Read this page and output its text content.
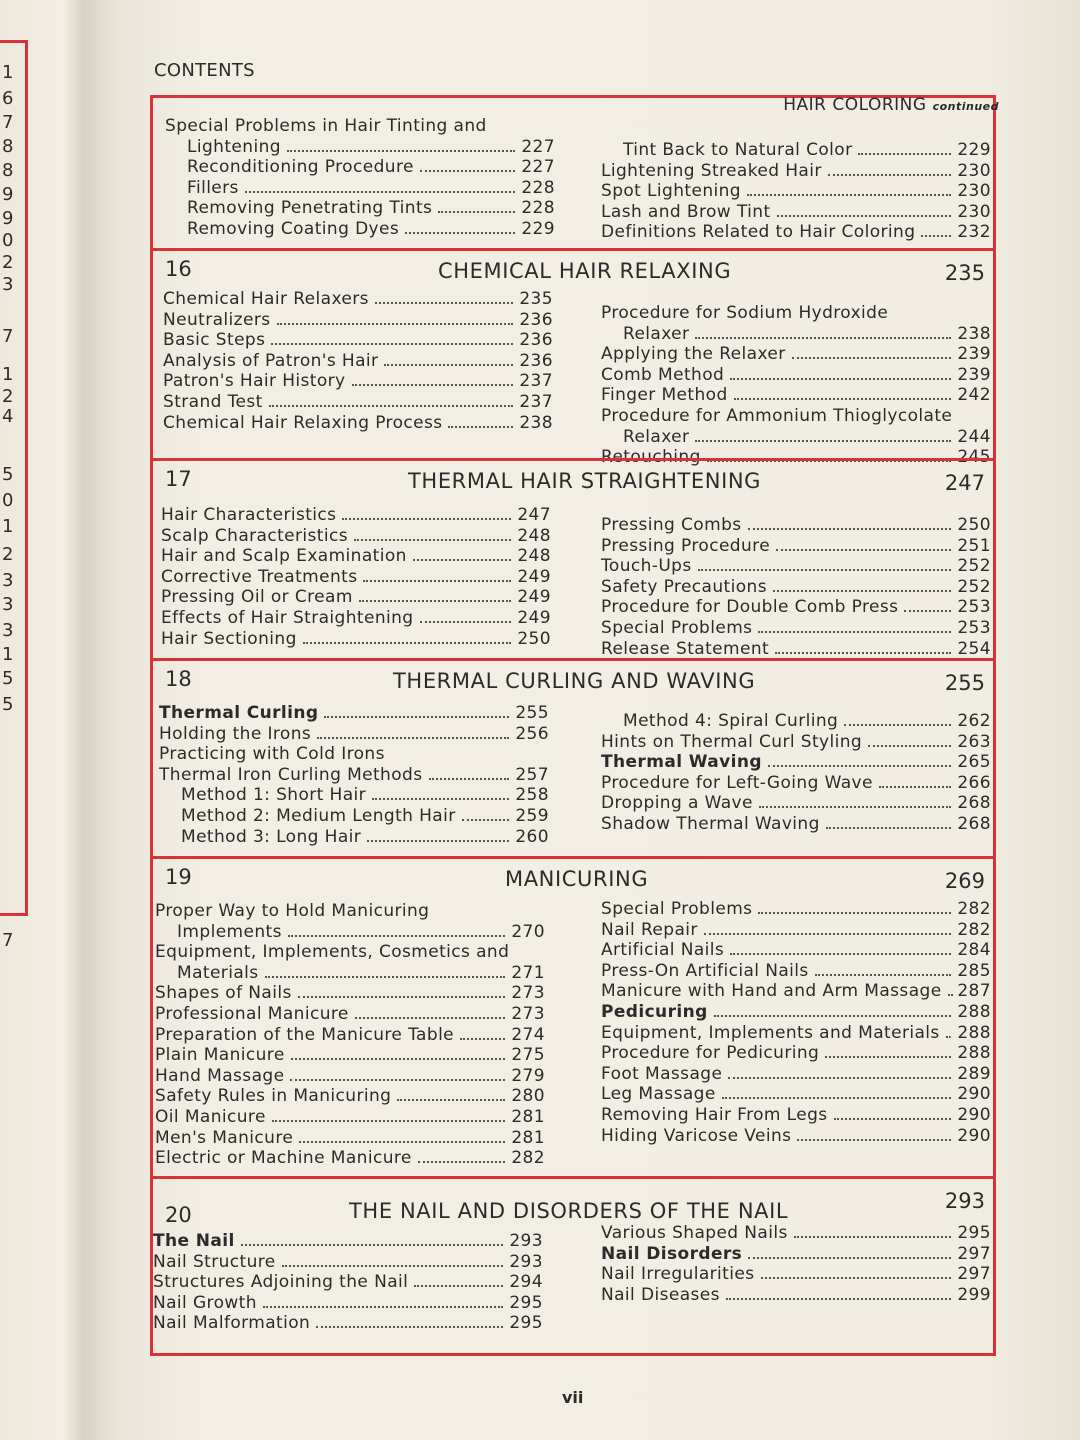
1
6
7
8
8
9
9
0
2
3
7
1
2
4
5
0
1
2
3
3
3
1
5
5
7
CONTENTS
HAIR COLORING continued
Special Problems in Hair Tinting and
Lightening	227
Reconditioning Procedure	227
Fillers	228
Removing Penetrating Tints	228
Removing Coating Dyes	229
Tint Back to Natural Color	229
Lightening Streaked Hair	230
Spot Lightening	230
Lash and Brow Tint	230
Definitions Related to Hair Coloring 232
16	CHEMICAL HAIR RELAXING	235
Chemical Hair Relaxers	235
Neutralizers	236
Basic Steps	236
Analysis of Patron's Hair	236
Patron's Hair History	237
Strand Test	237
Chemical Hair Relaxing Process	238
Procedure for Sodium Hydroxide
Relaxer	238
Applying the Relaxer	239
Comb Method	239
Finger Method	242
Procedure for Ammonium Thioglycolate
Relaxer	244
Retouching	245
17	THERMAL HAIR STRAIGHTENING	247
Hair Characteristics	247
Scalp Characteristics	248
Hair and Scalp Examination	248
Corrective Treatments	249
Pressing Oil or Cream	249
Effects of Hair Straightening	249
Hair Sectioning	250
Pressing Combs	250
Pressing Procedure	251
Touch-Ups	252
Safety Precautions	252
Procedure for Double Comb Press	253
Special Problems	253
Release Statement	254
18	THERMAL CURLING AND WAVING	255
Thermal Curling	255
Holding the Irons	256
Practicing with Cold Irons
Thermal Iron Curling Methods	257
Method 1: Short Hair	258
Method 2: Medium Length Hair	259
Method 3: Long Hair	260
Method 4: Spiral Curling	262
Hints on Thermal Curl Styling	263
Thermal Waving	265
Procedure for Left-Going Wave	266
Dropping a Wave	268
Shadow Thermal Waving	268
19	MANICURING	269
Proper Way to Hold Manicuring
Implements	270
Equipment, Implements, Cosmetics and
Materials	271
Shapes of Nails	273
Professional Manicure	273
Preparation of the Manicure Table	274
Plain Manicure	275
Hand Massage	279
Safety Rules in Manicuring	280
Oil Manicure	281
Men's Manicure	281
Electric or Machine Manicure	282
Special Problems	282
Nail Repair	282
Artificial Nails	284
Press-On Artificial Nails	285
Manicure with Hand and Arm Massage 287
Pedicuring	288
Equipment, Implements and Materials 288
Procedure for Pedicuring	288
Foot Massage	289
Leg Massage	290
Removing Hair From Legs	290
Hiding Varicose Veins	290
20	THE NAIL AND DISORDERS OF THE NAIL	293
The Nail	293
Nail Structure	293
Structures Adjoining the Nail	294
Nail Growth	295
Nail Malformation	295
Various Shaped Nails	295
Nail Disorders	297
Nail Irregularities	297
Nail Diseases	299
vii
